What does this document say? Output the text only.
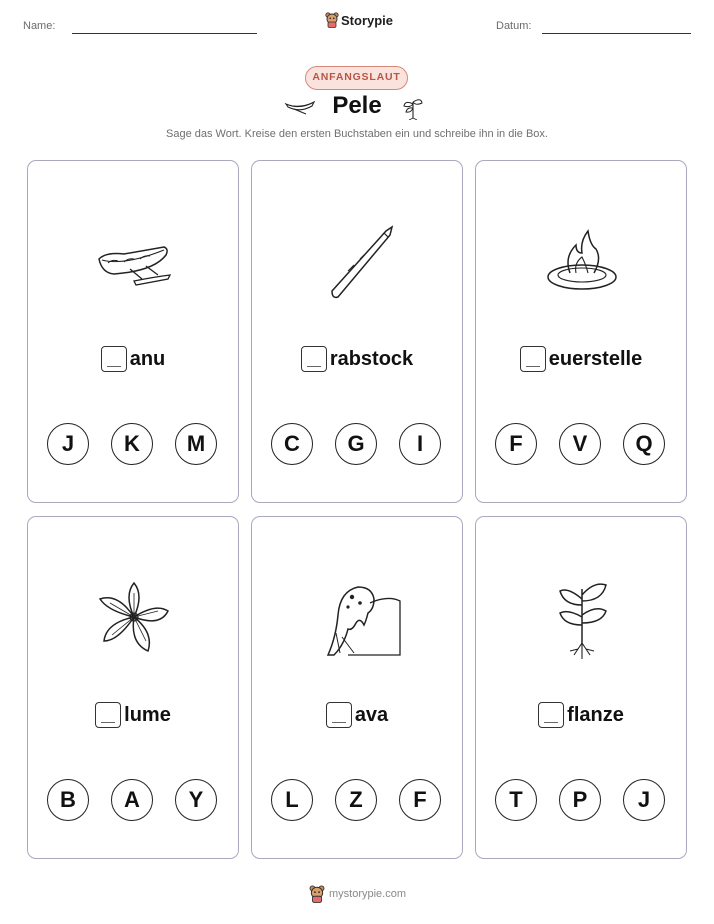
Name:	Datum:
Storypie
ANFANGSLAUT
Pele
Sage das Wort. Kreise den ersten Buchstaben ein und schreibe ihn in die Box.
anu
J	K	M
rabstock
C	G	I
euerstelle
F	V	Q
lume
B	A	Y
ava
L	Z	F
flanze
T	P	J
mystorypie.com
